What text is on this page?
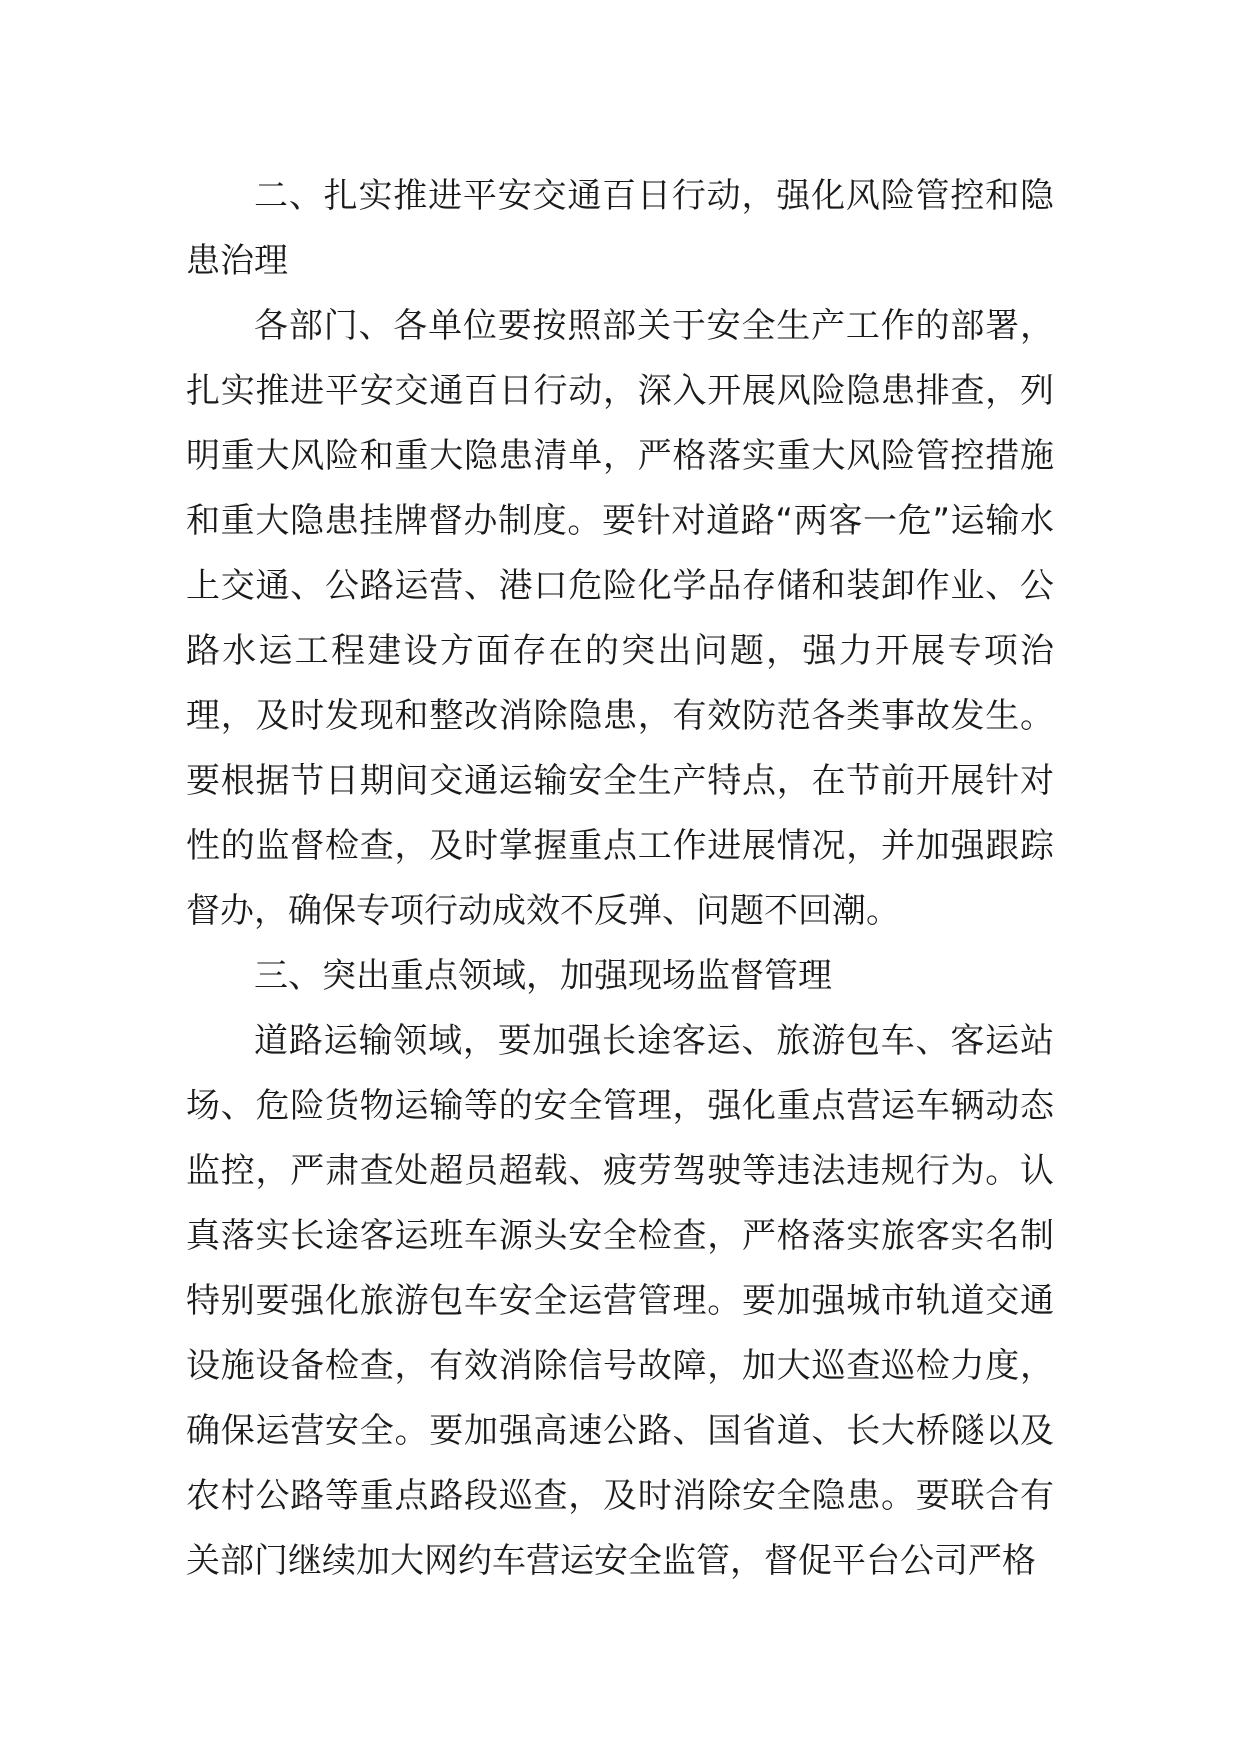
二、扎实推进平安交通百日行动，强化风险管控和隐患治理

各部门、各单位要按照部关于安全生产工作的部署，扎实推进平安交通百日行动，深入开展风险隐患排查，列明重大风险和重大隐患清单，严格落实重大风险管控措施和重大隐患挂牌督办制度。要针对道路“两客一危”运输水上交通、公路运营、港口危险化学品存储和装卸作业、公路水运工程建设方面存在的突出问题，强力开展专项治理，及时发现和整改消除隐患，有效防范各类事故发生。要根据节日期间交通运输安全生产特点，在节前开展针对性的监督检查，及时掌握重点工作进展情况，并加强跟踪督办，确保专项行动成效不反弹、问题不回潮。

三、突出重点领域，加强现场监督管理

道路运输领域，要加强长途客运、旅游包车、客运站场、危险货物运输等的安全管理，强化重点营运车辆动态监控，严肃查处超员超载、疲劳驾驶等违法违规行为。认真落实长途客运班车源头安全检查，严格落实旅客实名制特别要强化旅游包车安全运营管理。要加强城市轨道交通设施设备检查，有效消除信号故障，加大巡查巡检力度，确保运营安全。要加强高速公路、国省道、长大桥隧以及农村公路等重点路段巡查，及时消除安全隐患。要联合有关部门继续加大网约车营运安全监管，督促平台公司严格
